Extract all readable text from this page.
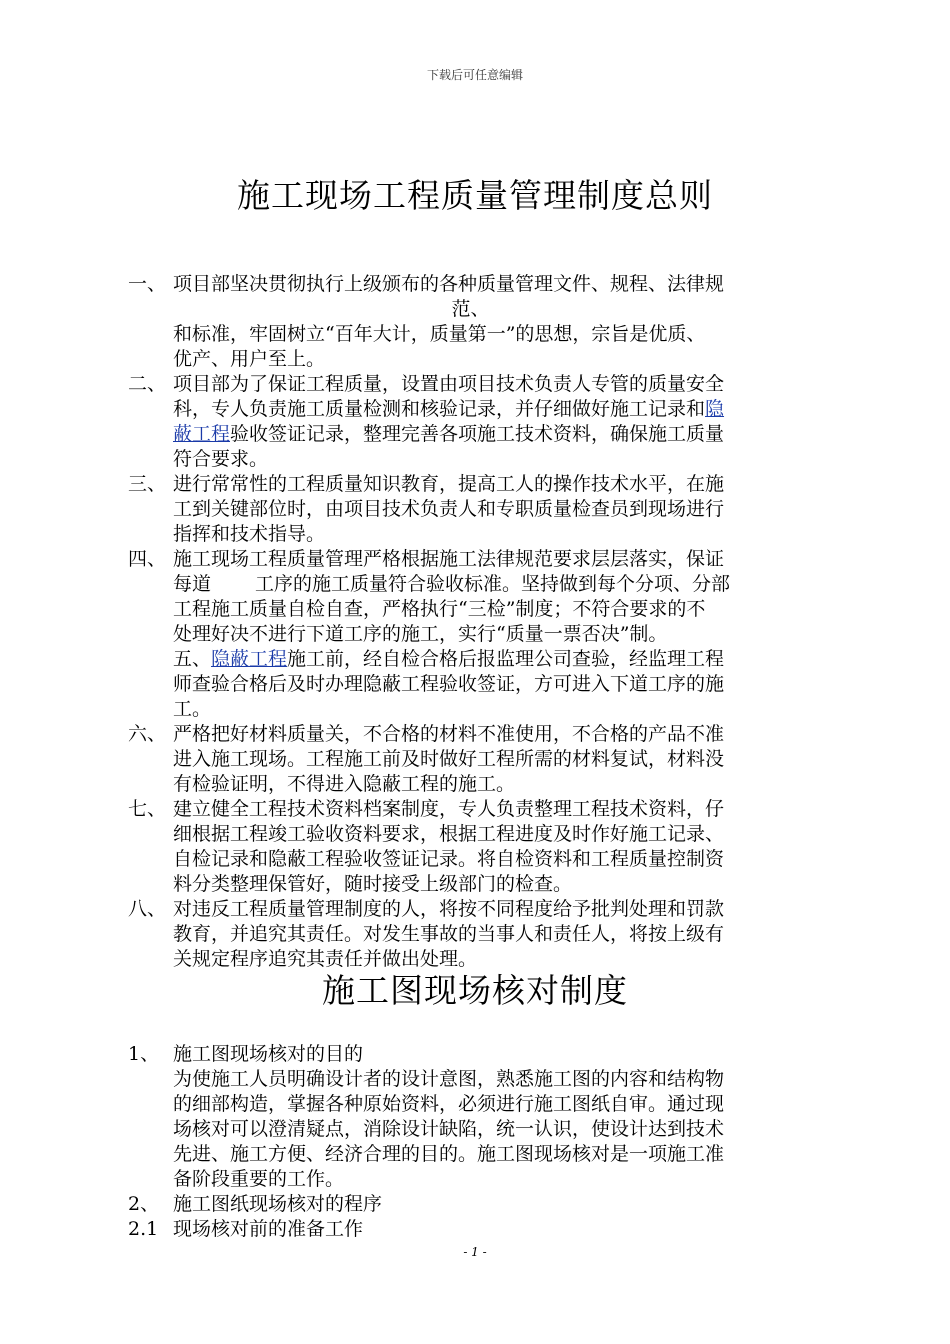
下载后可任意编辑
施工现场工程质量管理制度总则
一、 项目部坚决贯彻执行上级颁布的各种质量管理文件、规程、法律规
范、
和标准，牢固树立“百年大计，质量第一”的思想，宗旨是优质、
优产、用户至上。
二、 项目部为了保证工程质量，设置由项目技术负责人专管的质量安全
科，专人负责施工质量检测和核验记录，并仔细做好施工记录和隐
蔽工程验收签证记录，整理完善各项施工技术资料，确保施工质量
符合要求。
三、 进行常常性的工程质量知识教育，提高工人的操作技术水平，在施
工到关键部位时，由项目技术负责人和专职质量检查员到现场进行
指挥和技术指导。
四、 施工现场工程质量管理严格根据施工法律规范要求层层落实，保证
每道 工序的施工质量符合验收标准。坚持做到每个分项、分部
工程施工质量自检自查，严格执行“三检”制度；不符合要求的不
处理好决不进行下道工序的施工，实行“质量一票否决”制。
五、隐蔽工程施工前，经自检合格后报监理公司查验，经监理工程
师查验合格后及时办理隐蔽工程验收签证，方可进入下道工序的施
工。
六、 严格把好材料质量关，不合格的材料不准使用，不合格的产品不准
进入施工现场。工程施工前及时做好工程所需的材料复试，材料没
有检验证明，不得进入隐蔽工程的施工。
七、 建立健全工程技术资料档案制度，专人负责整理工程技术资料，仔
细根据工程竣工验收资料要求，根据工程进度及时作好施工记录、
自检记录和隐蔽工程验收签证记录。将自检资料和工程质量控制资
料分类整理保管好，随时接受上级部门的检查。
八、 对违反工程质量管理制度的人，将按不同程度给予批判处理和罚款
教育，并追究其责任。对发生事故的当事人和责任人，将按上级有
关规定程序追究其责任并做出处理。
施工图现场核对制度
1、 施工图现场核对的目的
为使施工人员明确设计者的设计意图，熟悉施工图的内容和结构物
的细部构造，掌握各种原始资料，必须进行施工图纸自审。通过现
场核对可以澄清疑点，消除设计缺陷，统一认识，使设计达到技术
先进、施工方便、经济合理的目的。施工图现场核对是一项施工准
备阶段重要的工作。
2、 施工图纸现场核对的程序
2.1 现场核对前的准备工作
- 1 -
